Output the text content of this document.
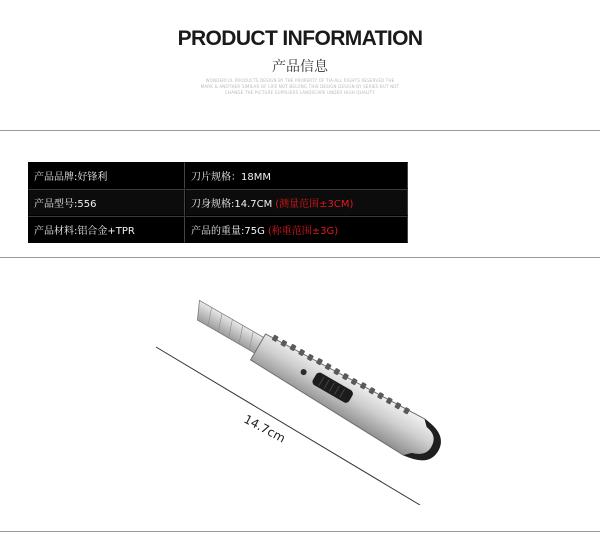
PRODUCT INFORMATION
产品信息
WONDERFUL PRODUCTS DESIGN BY THE PROPERTY OF TIA-ALL RIGHTS RESERVED THE MARK & ANOTHER SIMILAR OF LIFE NOT BELONG THIS DESIGN DESIGN BY SERIES BUT NOT CHANGE THE PICTURE SUPPLIERS LANDSCAPE UNDER HIGH QUALITY
产品品牌:好锋利	刀片规格：18MM
产品型号:556	刀身规格:14.7CM (测量范围±3CM)
产品材料:铝合金+TPR	产品的重量:75G (称重范围±3G)
14.7cm
